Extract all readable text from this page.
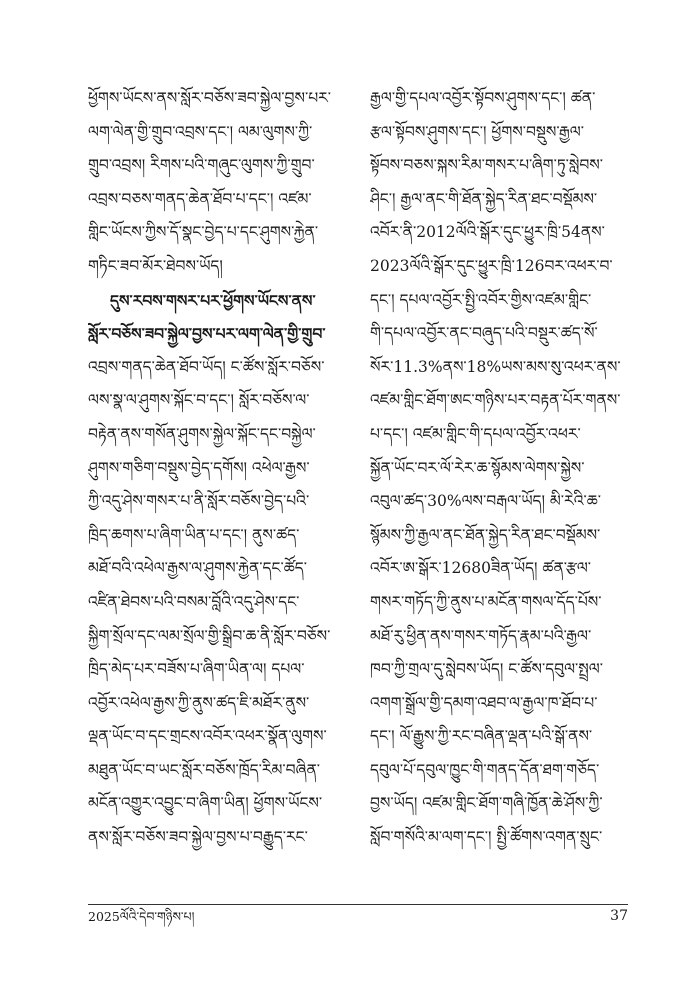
ཕྱོགས་ཡོངས་ནས་སློར་བཅོས་ཟབ་སྐྱེལ་བྱས་པར་
ལག་ལེན་གྱི་གྲུབ་འབྲས་དང་། ལམ་ལུགས་ཀྱི་
གྲུབ་འབྲས། རིགས་པའི་གཞུང་ལུགས་ཀྱི་གྲུབ་
འབྲས་བཅས་གནད་ཆེན་ཐོབ་པ་དང་། འཛམ་
གླིང་ཡོངས་ཀྱིས་དོ་སྣང་བྱེད་པ་དང་ཤུགས་རྐྱེན་
གཏིང་ཟབ་མོར་ཐེབས་ཡོད།
དུས་རབས་གསར་པར་ཕྱོགས་ཡོངས་ནས་
སློར་བཅོས་ཟབ་སྐྱེལ་བྱས་པར་ལག་ལེན་གྱི་གྲུབ་
འབྲས་གནད་ཆེན་ཐོབ་ཡོད། ང་ཚོས་སློར་བཅོས་
ལས་སྣ་ལ་ཤུགས་སྐོང་བ་དང་། སློར་བཅོས་ལ་
བརྟེན་ནས་གསོན་ཤུགས་སྐྱེལ་སྐོང་དང་བསྐྱེལ་
ཤུགས་གཅིག་བསྡུས་བྱེད་དགོས། འཕེལ་རྒྱས་
ཀྱི་འདུ་ཤེས་གསར་པ་ནི་སློར་བཅོས་བྱེད་པའི་
ཁྲིད་ཆགས་པ་ཞིག་ཡིན་པ་དང་། ནུས་ཚད་
མཐོ་བའི་འཕེལ་རྒྱས་ལ་ཤུགས་རྐྱེན་དང་ཚོད་
འཛིན་ཐེབས་པའི་བསམ་བློའི་འདུ་ཤེས་དང་
སྐྱིག་སྲོལ་དང་ལམ་སྲོལ་གྱི་སྒྲིབ་ཆ་ནི་སློར་བཅོས་
ཁྲིད་མེད་པར་བཟོས་པ་ཞིག་ཡིན་ལ། དཔལ་
འབྱོར་འཕེལ་རྒྱས་ཀྱི་ནུས་ཚད་ཇི་མཐོར་ནུས་
ལྡན་ཡོང་བ་དང་གྲངས་འབོར་འཕར་སྣོན་ལུགས་
མཐུན་ཡོང་བ་ཡང་སློར་བཅོས་ཁྲོད་རིམ་བཞིན་
མངོན་འགྱུར་འབྱུང་བ་ཞིག་ཡིན། ཕྱོགས་ཡོངས་
ནས་སློར་བཅོས་ཟབ་སྐྱེལ་བྱས་པ་བརྒྱུད་རང་
རྒྱལ་གྱི་དཔལ་འབྱོར་སྟོབས་ཤུགས་དང་། ཚན་
རྩལ་སྟོབས་ཤུགས་དང་། ཕྱོགས་བསྡུས་རྒྱལ་
སྟོབས་བཅས་སྐས་རིམ་གསར་པ་ཞིག་ཏུ་སླེབས་
ཤིང་། རྒྱལ་ནང་གི་ཐོན་སྐྱེད་རིན་ཐང་བསྡོམས་
འབོར་ནི་2012ལོའི་སྒོར་དུང་ཕྱུར་ཁྲི་54ནས་
2023ལོའི་སྒོར་དུང་ཕྱུར་ཁྲི་126བར་འཕར་བ་
དང་། དཔལ་འབྱོར་སྤྱི་འབོར་གྱིས་འཛམ་གླིང་
གི་དཔལ་འབྱོར་ནང་བཞུད་པའི་བསྡུར་ཚད་སོ་
སོར་11.3%ནས་18%ཡས་མས་སུ་འཕར་ནས་
འཛམ་གླིང་ཐོག་ཨང་གཉིས་པར་བརྟན་པོར་གནས་
པ་དང་། འཛམ་གླིང་གི་དཔལ་འབྱོར་འཕར་
སྐྱོན་ཡོང་བར་ལོ་རེར་ཆ་སྙོམས་ལེགས་སྐྱེས་
འབུལ་ཚད་30%ལས་བརྒལ་ཡོད། མི་རེའི་ཆ་
སྙོམས་ཀྱི་རྒྱལ་ནང་ཐོན་སྐྱེད་རིན་ཐང་བསྡོམས་
འབོར་ཨ་སྒོར་12680ཟིན་ཡོད། ཚན་རྩལ་
གསར་གཏོད་ཀྱི་ནུས་པ་མངོན་གསལ་དོད་པོས་
མཐོ་རུ་ཕྱིན་ནས་གསར་གཏོད་རྣམ་པའི་རྒྱལ་
ཁབ་ཀྱི་གྲལ་དུ་སླེབས་ཡོད། ང་ཚོས་དབུལ་སྤྲལ་
འགག་སྒྲོལ་གྱི་དམག་འཐབ་ལ་རྒྱལ་ཁ་ཐོབ་པ་
དང་། ལོ་རྒྱུས་ཀྱི་རང་བཞིན་ལྡན་པའི་སྒོ་ནས་
དབུལ་པོ་དབུལ་ཁྱུང་གི་གནད་དོན་ཐག་གཅོད་
བྱས་ཡོད། འཛམ་གླིང་ཐོག་གཞི་ཁྱོན་ཆེ་ཤོས་ཀྱི་
སློབ་གསོའི་མ་ལག་དང་། སྤྱི་ཚོགས་འགན་སྲུང་
2025ལོའི་དེབ་གཉིས་པ།	37
